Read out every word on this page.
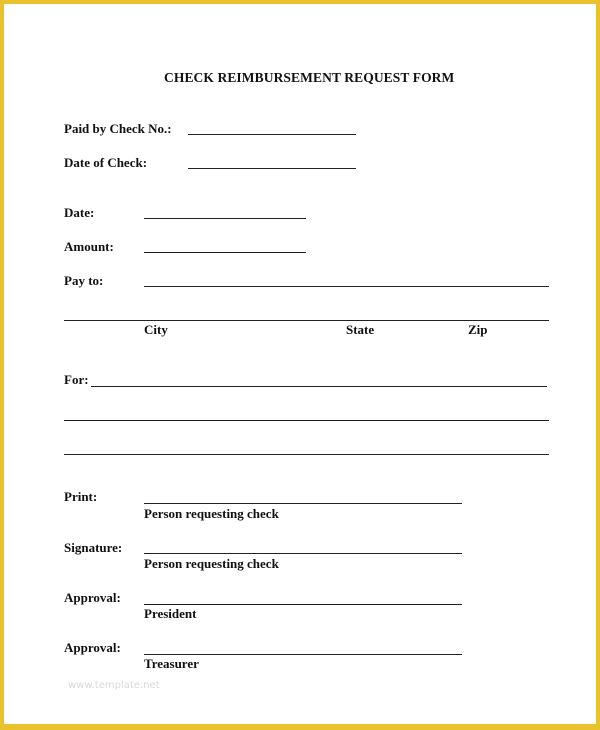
CHECK REIMBURSEMENT REQUEST FORM
Paid by Check No.:
Date of Check:
Date:
Amount:
Pay to:
City	State	Zip
For:
Print:
Person requesting check
Signature:
Person requesting check
Approval:
President
Approval:
Treasurer
www.template.net
